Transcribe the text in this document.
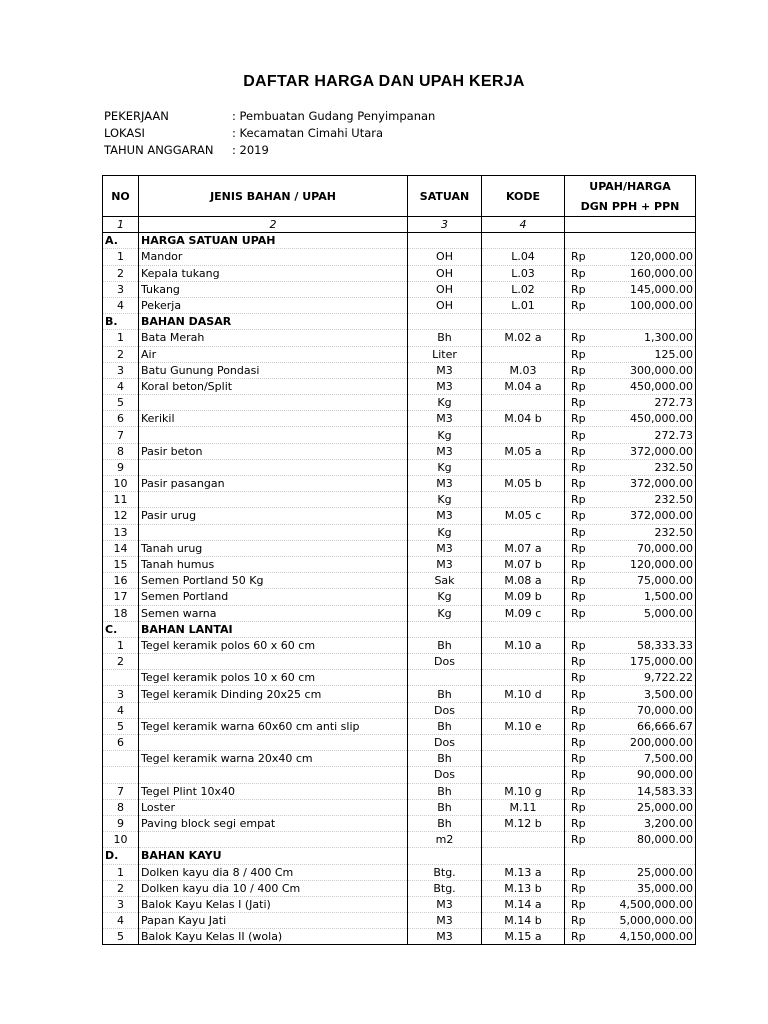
DAFTAR HARGA DAN UPAH KERJA
PEKERJAAN	: Pembuatan Gudang Penyimpanan
LOKASI	: Kecamatan Cimahi Utara
TAHUN ANGGARAN	: 2019
NO	JENIS BAHAN / UPAH	SATUAN	KODE	UPAH/HARGA
				DGN PPH + PPN
1	2	3	4	
A.	HARGA SATUAN UPAH			
1	Mandor	OH	L.04	Rp 120,000.00

2	Kepala tukang	OH	L.03	Rp 160,000.00

3	Tukang	OH	L.02	Rp 145,000.00

4	Pekerja	OH	L.01	Rp 100,000.00

B.	BAHAN DASAR			
1	Bata Merah	Bh	M.02 a	Rp 1,300.00

2	Air	Liter		Rp 125.00

3	Batu Gunung Pondasi	M3	M.03	Rp 300,000.00

4	Koral beton/Split	M3	M.04 a	Rp 450,000.00

5		Kg		Rp 272.73

6	Kerikil	M3	M.04 b	Rp 450,000.00

7		Kg		Rp 272.73

8	Pasir beton	M3	M.05 a	Rp 372,000.00

9		Kg		Rp 232.50

10	Pasir pasangan	M3	M.05 b	Rp 372,000.00

11		Kg		Rp 232.50

12	Pasir urug	M3	M.05 c	Rp 372,000.00

13		Kg		Rp 232.50

14	Tanah urug	M3	M.07 a	Rp 70,000.00

15	Tanah humus	M3	M.07 b	Rp 120,000.00

16	Semen Portland 50 Kg	Sak	M.08 a	Rp 75,000.00

17	Semen Portland	Kg	M.09 b	Rp 1,500.00

18	Semen warna	Kg	M.09 c	Rp 5,000.00

C.	BAHAN LANTAI			
1	Tegel keramik polos 60 x 60 cm	Bh	M.10 a	Rp 58,333.33

2		Dos		Rp 175,000.00

	Tegel keramik polos 10 x 60 cm			Rp 9,722.22

3	Tegel keramik Dinding 20x25 cm	Bh	M.10 d	Rp 3,500.00

4		Dos		Rp 70,000.00

5	Tegel keramik warna 60x60 cm anti slip	Bh	M.10 e	Rp 66,666.67

6		Dos		Rp 200,000.00

	Tegel keramik warna 20x40 cm	Bh		Rp 7,500.00

		Dos		Rp 90,000.00

7	Tegel Plint 10x40	Bh	M.10 g	Rp 14,583.33

8	Loster	Bh	M.11	Rp 25,000.00

9	Paving block segi empat	Bh	M.12 b	Rp 3,200.00

10		m2		Rp 80,000.00

D.	BAHAN KAYU			
1	Dolken kayu dia 8 / 400 Cm	Btg.	M.13 a	Rp 25,000.00

2	Dolken kayu dia 10 / 400 Cm	Btg.	M.13 b	Rp 35,000.00

3	Balok Kayu Kelas I (Jati)	M3	M.14 a	Rp 4,500,000.00

4	Papan Kayu Jati	M3	M.14 b	Rp 5,000,000.00

5	Balok Kayu Kelas II (wola)	M3	M.15 a	Rp 4,150,000.00
